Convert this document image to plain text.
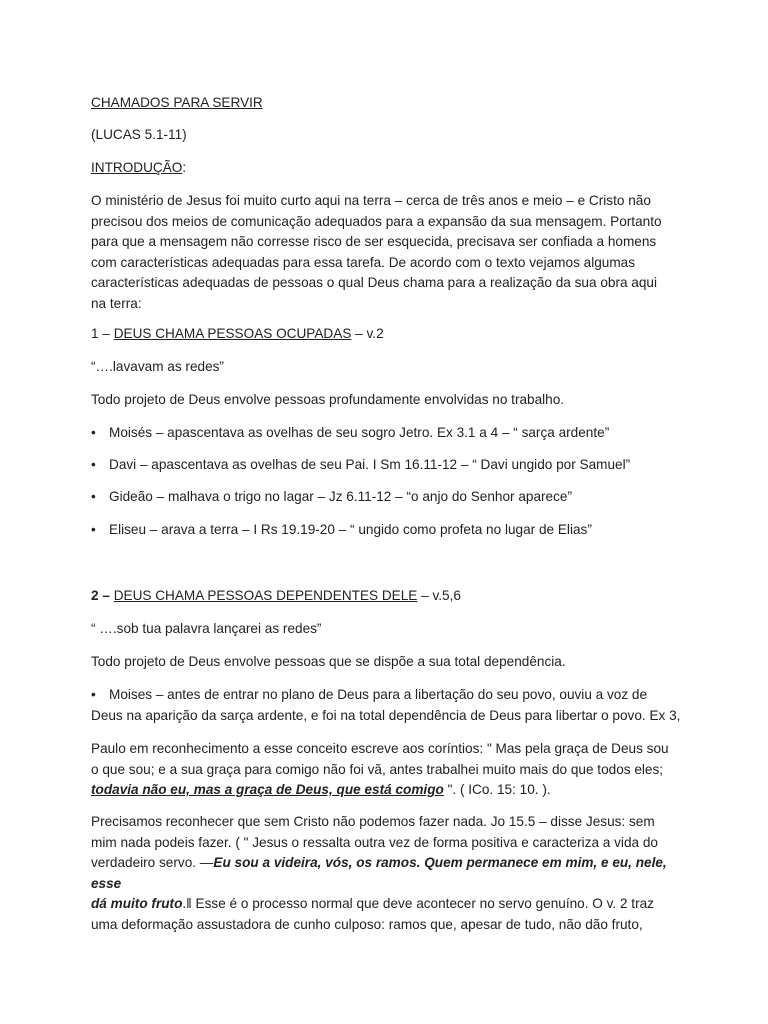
CHAMADOS PARA SERVIR

(LUCAS 5.1-11)

INTRODUÇÃO:

O ministério de Jesus foi muito curto aqui na terra – cerca de três anos e meio – e Cristo não
precisou dos meios de comunicação adequados para a expansão da sua mensagem. Portanto
para que a mensagem não corresse risco de ser esquecida, precisava ser confiada a homens
com características adequadas para essa tarefa. De acordo com o texto vejamos algumas
características adequadas de pessoas o qual Deus chama para a realização da sua obra aqui
na terra:

1 – DEUS CHAMA PESSOAS OCUPADAS – v.2

“….lavavam as redes”

Todo projeto de Deus envolve pessoas profundamente envolvidas no trabalho.

• Moisés – apascentava as ovelhas de seu sogro Jetro. Ex 3.1 a 4 – “ sarça ardente”

• Davi – apascentava as ovelhas de seu Pai. I Sm 16.11-12 – “ Davi ungido por Samuel”

• Gideão – malhava o trigo no lagar – Jz 6.11-12 – “o anjo do Senhor aparece”

• Eliseu – arava a terra – I Rs 19.19-20 – “ ungido como profeta no lugar de Elias”

2 – DEUS CHAMA PESSOAS DEPENDENTES DELE – v.5,6

“ ….sob tua palavra lançarei as redes”

Todo projeto de Deus envolve pessoas que se dispõe a sua total dependência.

• Moises – antes de entrar no plano de Deus para a libertação do seu povo, ouviu a voz de
Deus na aparição da sarça ardente, e foi na total dependência de Deus para libertar o povo. Ex 3,
Paulo em reconhecimento a esse conceito escreve aos coríntios: " Mas pela graça de Deus sou
o que sou; e a sua graça para comigo não foi vã, antes trabalhei muito mais do que todos eles;
todavia não eu, mas a graça de Deus, que está comigo ". ( ICo. 15: 10. ).
Precisamos reconhecer que sem Cristo não podemos fazer nada. Jo 15.5 – disse Jesus: sem
mim nada podeis fazer. ( " Jesus o ressalta outra vez de forma positiva e caracteriza a vida do
verdadeiro servo. —Eu sou a videira, vós, os ramos. Quem permanece em mim, e eu, nele, esse
dá muito fruto.‖ Esse é o processo normal que deve acontecer no servo genuíno. O v. 2 traz
uma deformação assustadora de cunho culposo: ramos que, apesar de tudo, não dão fruto,
